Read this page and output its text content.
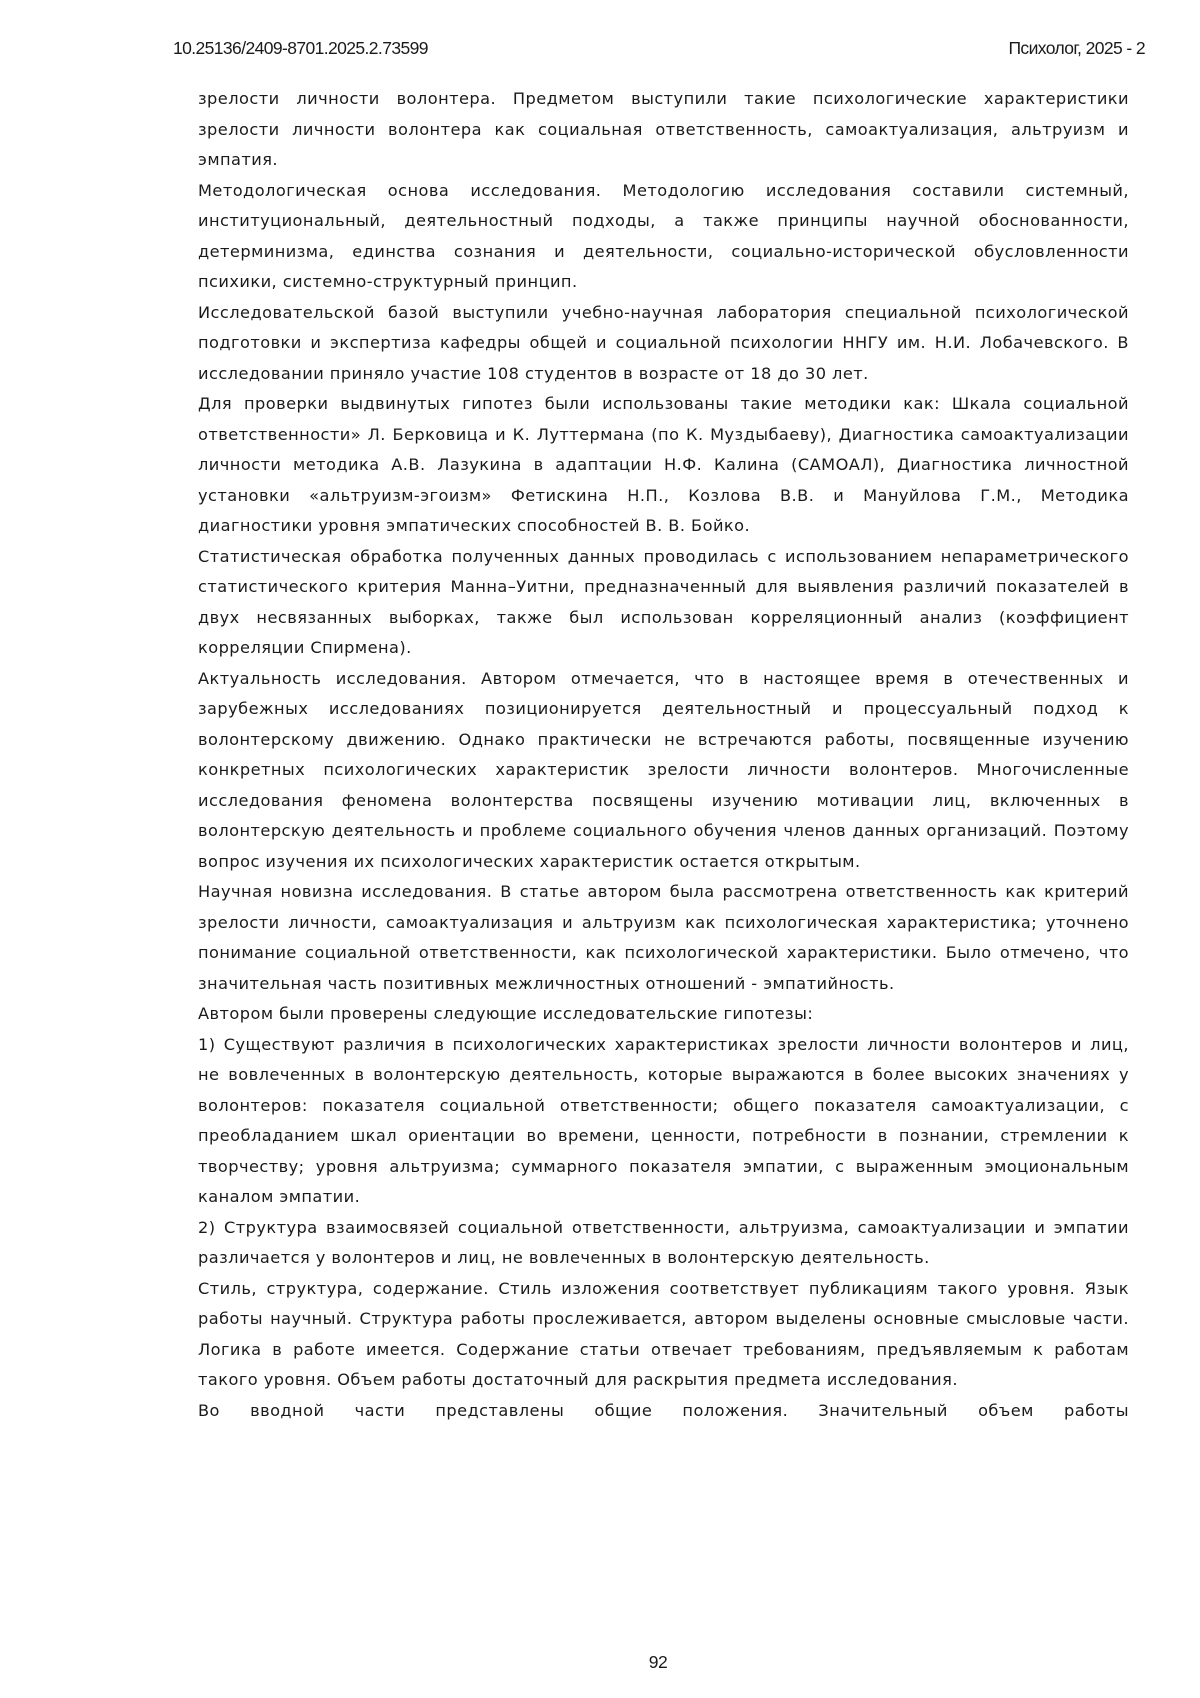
10.25136/2409-8701.2025.2.73599	Психолог, 2025 - 2

зрелости личности волонтера. Предметом выступили такие психологические характеристики зрелости личности волонтера как социальная ответственность, самоактуализация, альтруизм и эмпатия.

Методологическая основа исследования. Методологию исследования составили системный, институциональный, деятельностный подходы, а также принципы научной обоснованности, детерминизма, единства сознания и деятельности, социально-исторической обусловленности психики, системно-структурный принцип.

Исследовательской базой выступили учебно-научная лаборатория специальной психологической подготовки и экспертиза кафедры общей и социальной психологии ННГУ им. Н.И. Лобачевского. В исследовании приняло участие 108 студентов в возрасте от 18 до 30 лет.

Для проверки выдвинутых гипотез были использованы такие методики как: Шкала социальной ответственности» Л. Берковица и К. Луттермана (по К. Муздыбаеву), Диагностика самоактуализации личности методика А.В. Лазукина в адаптации Н.Ф. Калина (САМОАЛ), Диагностика личностной установки «альтруизм-эгоизм» Фетискина Н.П., Козлова В.В. и Мануйлова Г.М., Методика диагностики уровня эмпатических способностей В. В. Бойко.

Статистическая обработка полученных данных проводилась с использованием непараметрического статистического критерия Манна–Уитни, предназначенный для выявления различий показателей в двух несвязанных выборках, также был использован корреляционный анализ (коэффициент корреляции Спирмена).

Актуальность исследования. Автором отмечается, что в настоящее время в отечественных и зарубежных исследованиях позиционируется деятельностный и процессуальный подход к волонтерскому движению. Однако практически не встречаются работы, посвященные изучению конкретных психологических характеристик зрелости личности волонтеров. Многочисленные исследования феномена волонтерства посвящены изучению мотивации лиц, включенных в волонтерскую деятельность и проблеме социального обучения членов данных организаций. Поэтому вопрос изучения их психологических характеристик остается открытым.

Научная новизна исследования. В статье автором была рассмотрена ответственность как критерий зрелости личности, самоактуализация и альтруизм как психологическая характеристика; уточнено понимание социальной ответственности, как психологической характеристики. Было отмечено, что значительная часть позитивных межличностных отношений - эмпатийность.

Автором были проверены следующие исследовательские гипотезы:

1) Существуют различия в психологических характеристиках зрелости личности волонтеров и лиц, не вовлеченных в волонтерскую деятельность, которые выражаются в более высоких значениях у волонтеров: показателя социальной ответственности; общего показателя самоактуализации, с преобладанием шкал ориентации во времени, ценности, потребности в познании, стремлении к творчеству; уровня альтруизма; суммарного показателя эмпатии, с выраженным эмоциональным каналом эмпатии.

2) Структура взаимосвязей социальной ответственности, альтруизма, самоактуализации и эмпатии различается у волонтеров и лиц, не вовлеченных в волонтерскую деятельность.

Стиль, структура, содержание. Стиль изложения соответствует публикациям такого уровня. Язык работы научный. Структура работы прослеживается, автором выделены основные смысловые части. Логика в работе имеется. Содержание статьи отвечает требованиям, предъявляемым к работам такого уровня. Объем работы достаточный для раскрытия предмета исследования.

Во вводной части представлены общие положения. Значительный объем работы

92
